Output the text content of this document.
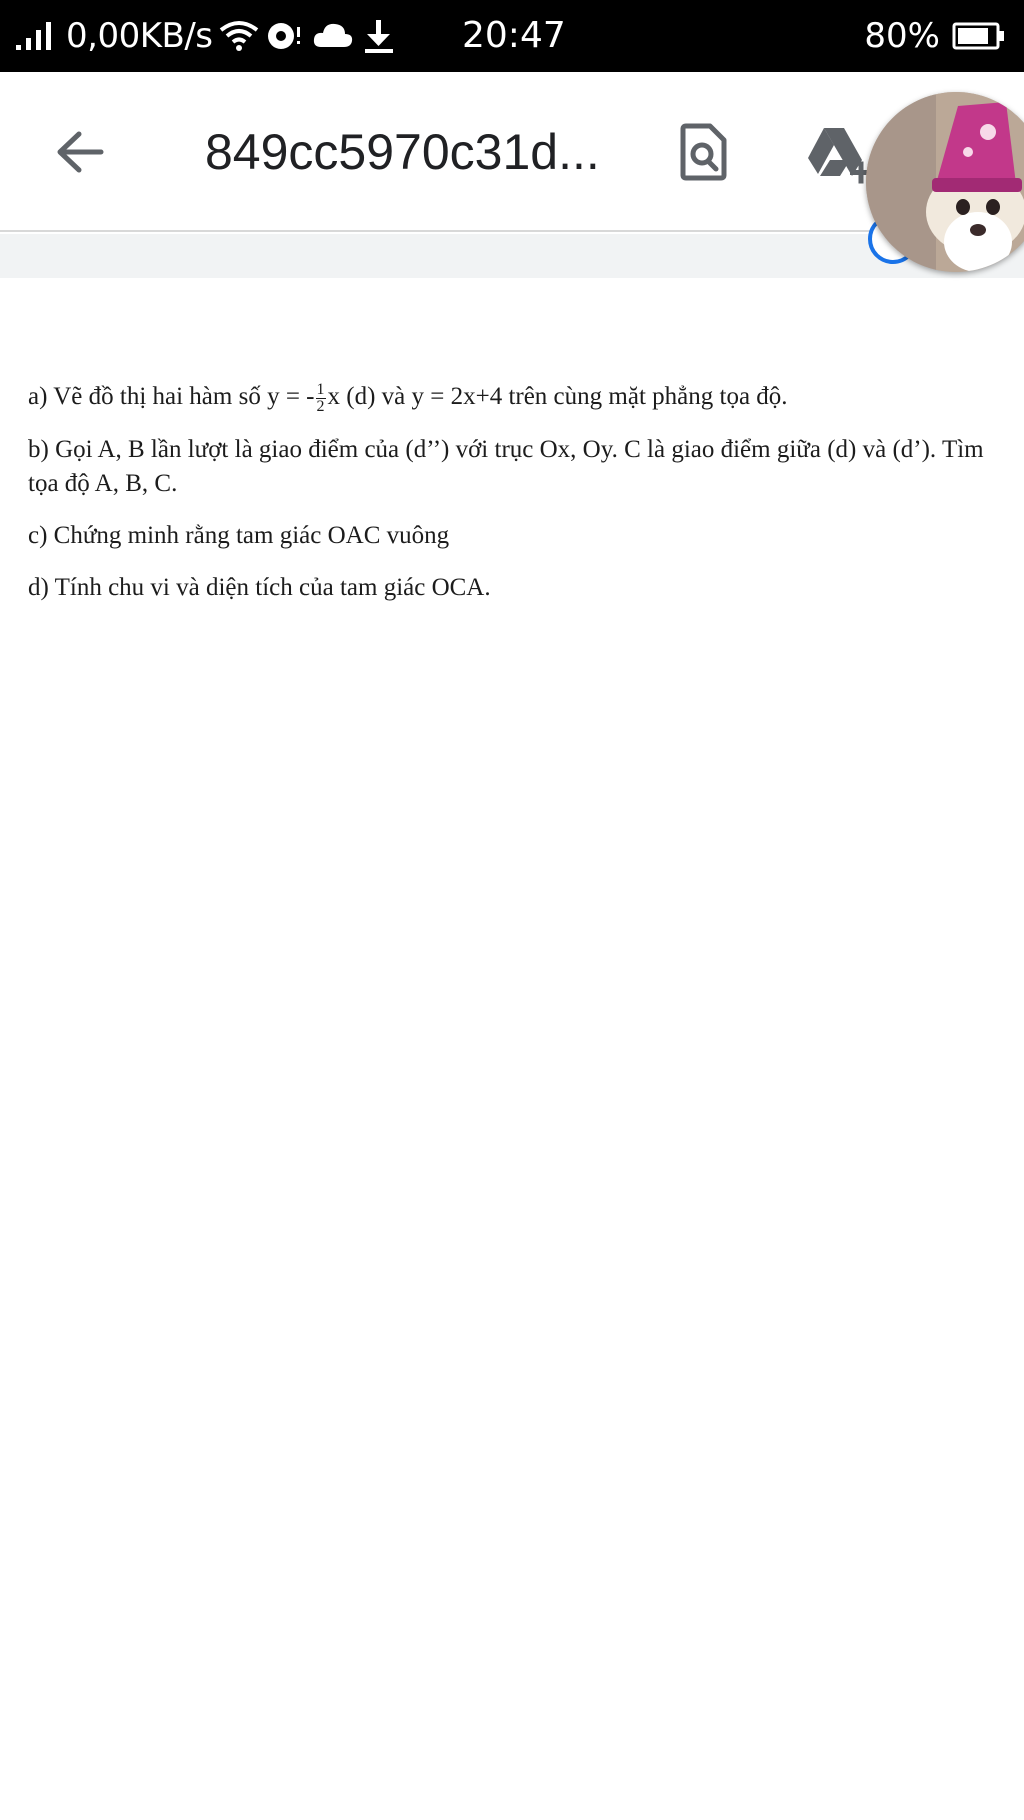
0,00KB/s	20:47	80%
849cc5970c31d...

a) Vẽ đồ thị hai hàm số y = - $\frac{1}{2}$ x (d) và y = 2x+4 trên cùng mặt phẳng tọa độ.

b) Gọi A, B lần lượt là giao điểm của (d’’) với trục Ox, Oy. C là giao điểm giữa (d) và (d’). Tìm tọa độ A, B, C.

c) Chứng minh rằng tam giác OAC vuông

d) Tính chu vi và diện tích của tam giác OCA.
